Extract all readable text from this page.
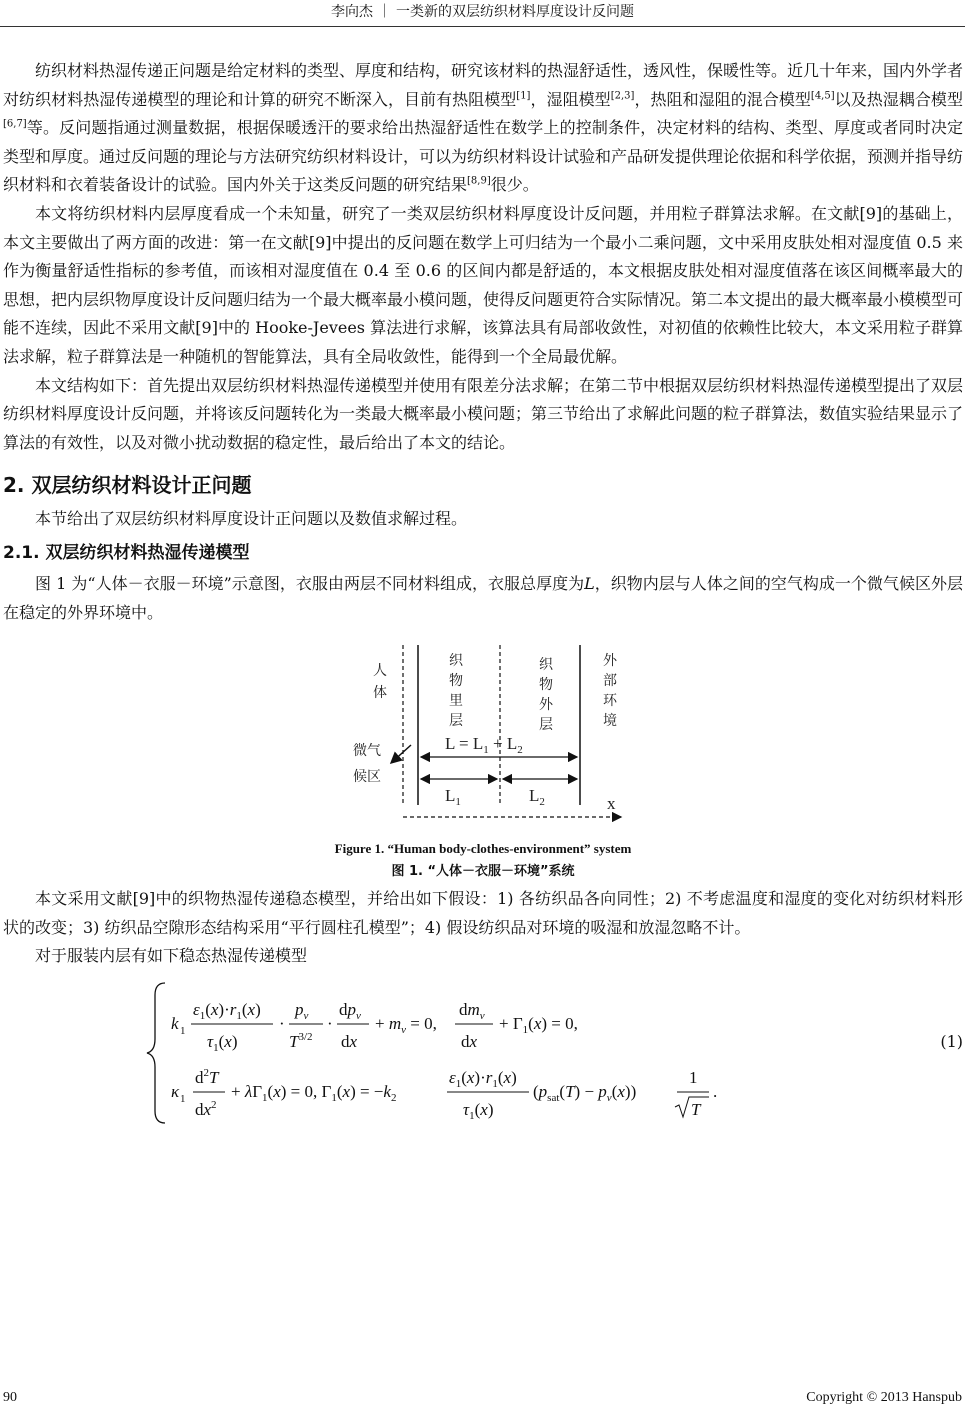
李向杰 ｜ 一类新的双层纺织材料厚度设计反问题

纺织材料热湿传递正问题是给定材料的类型、厚度和结构，研究该材料的热湿舒适性，透风性，保暖性等。近几十年来，国内外学者对纺织材料热湿传递模型的理论和计算的研究不断深入，目前有热阻模型[1]，湿阻模型[2,3]，热阻和湿阻的混合模型[4,5]以及热湿耦合模型[6,7]等。反问题指通过测量数据，根据保暖透汗的要求给出热湿舒适性在数学上的控制条件，决定材料的结构、类型、厚度或者同时决定类型和厚度。通过反问题的理论与方法研究纺织材料设计，可以为纺织材料设计试验和产品研发提供理论依据和科学依据，预测并指导纺织材料和衣着装备设计的试验。国内外关于这类反问题的研究结果[8,9]很少。

本文将纺织材料内层厚度看成一个未知量，研究了一类双层纺织材料厚度设计反问题，并用粒子群算法求解。在文献[9]的基础上，本文主要做出了两方面的改进：第一在文献[9]中提出的反问题在数学上可归结为一个最小二乘问题，文中采用皮肤处相对湿度值 0.5 来作为衡量舒适性指标的参考值，而该相对湿度值在 0.4 至 0.6 的区间内都是舒适的，本文根据皮肤处相对湿度值落在该区间概率最大的思想，把内层织物厚度设计反问题归结为一个最大概率最小模问题，使得反问题更符合实际情况。第二本文提出的最大概率最小模模型可能不连续，因此不采用文献[9]中的 Hooke-Jevees 算法进行求解，该算法具有局部收敛性，对初值的依赖性比较大，本文采用粒子群算法求解，粒子群算法是一种随机的智能算法，具有全局收敛性，能得到一个全局最优解。

本文结构如下：首先提出双层纺织材料热湿传递模型并使用有限差分法求解；在第二节中根据双层纺织材料热湿传递模型提出了双层纺织材料厚度设计反问题，并将该反问题转化为一类最大概率最小模问题；第三节给出了求解此问题的粒子群算法，数值实验结果显示了算法的有效性，以及对微小扰动数据的稳定性，最后给出了本文的结论。

2. 双层纺织材料设计正问题

本节给出了双层纺织材料厚度设计正问题以及数值求解过程。

2.1. 双层纺织材料热湿传递模型

图 1 为“人体－衣服－环境”示意图，衣服由两层不同材料组成，衣服总厚度为L，织物内层与人体之间的空气构成一个微气候区外层在稳定的外界环境中。

人
体
织
物
里
层
织
物
外
层
外
部
环
境
微气
候区
$L = L_1 + L_2$
$L_1$	$L_2$	x
Figure 1. “Human body-clothes-environment” system
图 1. “人体－衣服－环境”系统

本文采用文献[9]中的织物热湿传递稳态模型，并给出如下假设：1) 各纺织品各向同性；2) 不考虑温度和湿度的变化对纺织材料形状的改变；3) 纺织品空隙形态结构采用“平行圆柱孔模型”；4) 假设纺织品对环境的吸湿和放湿忽略不计。

对于服装内层有如下稳态热湿传递模型

k 1
$\varepsilon_1(x)\cdot r_1(x)$
$\tau_1(x)$
·
$p_v$
$T^{3/2}$
·
$dp_v$
dx
+ $m_v = 0$,
$dm_v$
dx
+ $\Gamma_1(x) = 0$,
κ 1
$d^2T$
$dx^2$
+ $\lambda\Gamma_1(x) = 0$, $\Gamma_1(x) = -k_2$
$\varepsilon_1(x)\cdot r_1(x)$
$\tau_1(x)$
$(p_{sat}(T) - p_v(x))$
1
T
.
(1)
90	Copyright © 2013 Hanspub
